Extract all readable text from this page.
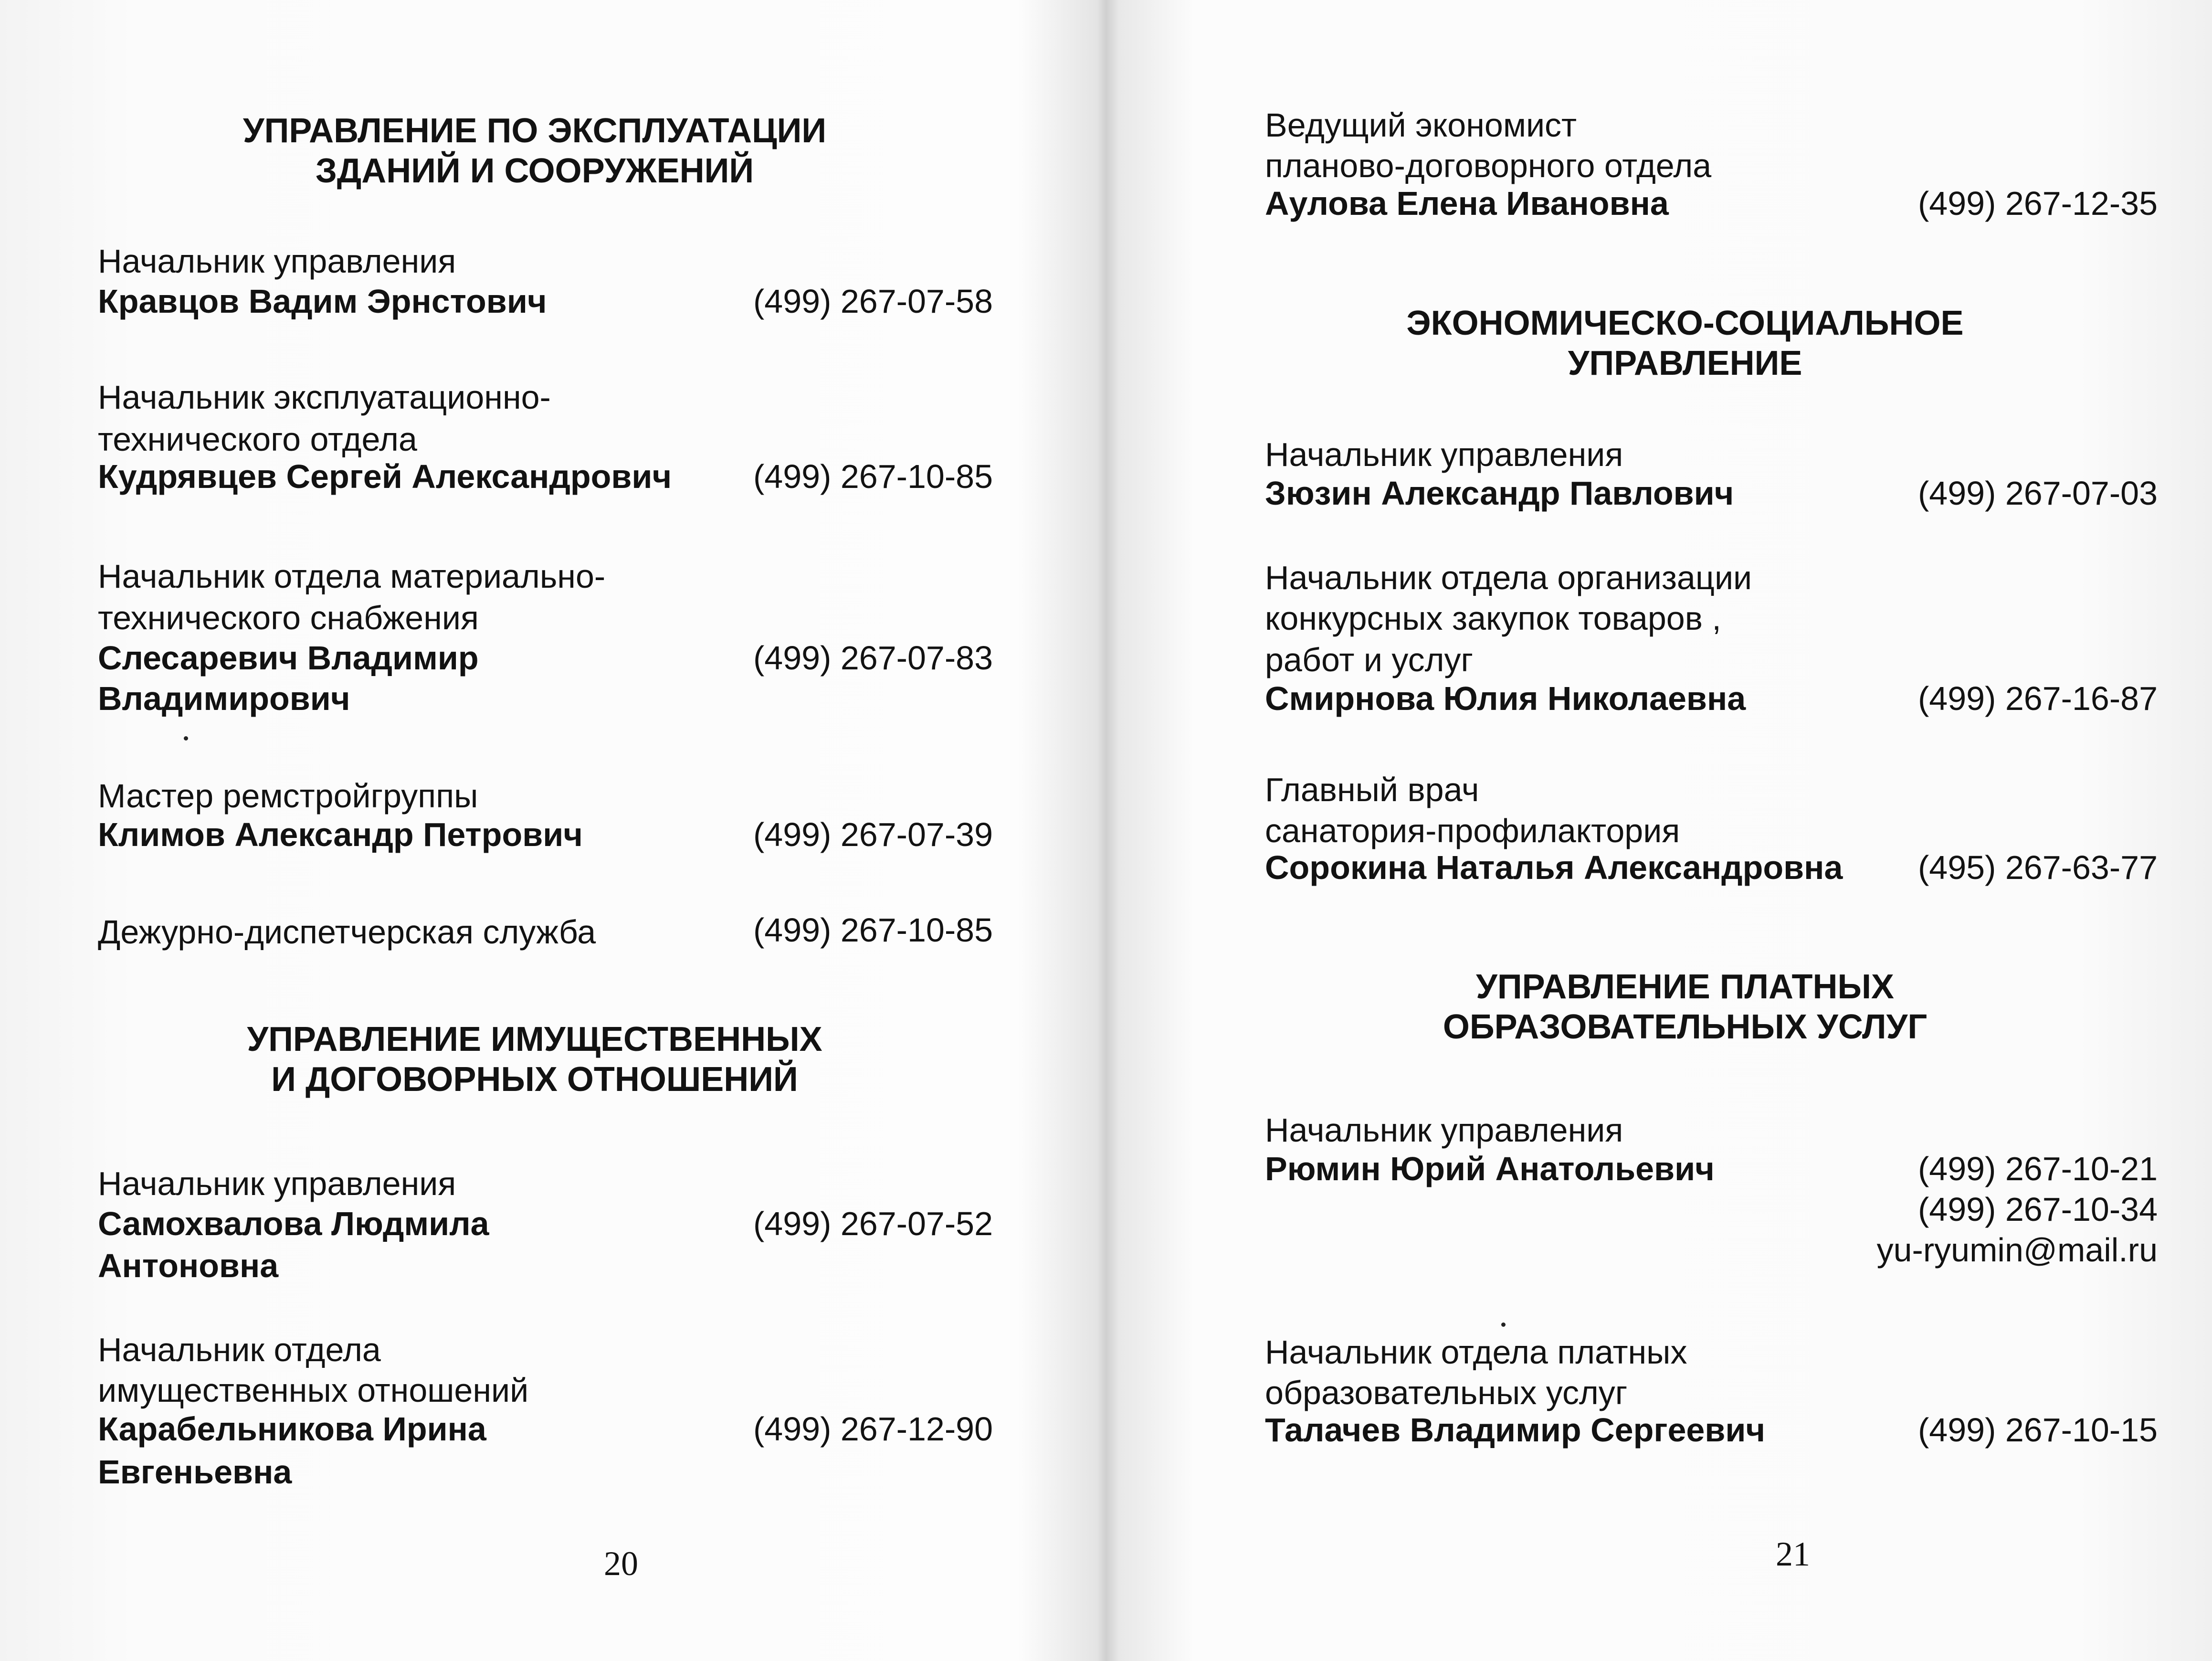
УПРАВЛЕНИЕ ПО ЭКСПЛУАТАЦИИ
ЗДАНИЙ И СООРУЖЕНИЙ
Начальник управления
Кравцов Вадим Эрнстович	(499) 267-07-58
Начальник эксплуатационно-
технического отдела
Кудрявцев Сергей Александрович (499) 267-10-85
Начальник отдела материально-
технического снабжения
Слесаревич Владимир	(499) 267-07-83
Владимирович
Мастер ремстройгруппы
Климов Александр Петрович	(499) 267-07-39
Дежурно-диспетчерская служба	(499) 267-10-85
УПРАВЛЕНИЕ ИМУЩЕСТВЕННЫХ
И ДОГОВОРНЫХ ОТНОШЕНИЙ
Начальник управления
Самохвалова Людмила	(499) 267-07-52
Антоновна
Начальник отдела
имущественных отношений
Карабельникова Ирина	(499) 267-12-90
Евгеньевна
20
Ведущий экономист
планово-договорного отдела
Аулова Елена Ивановна	(499) 267-12-35
ЭКОНОМИЧЕСКО-СОЦИАЛЬНОЕ
УПРАВЛЕНИЕ
Начальник управления
Зюзин Александр Павлович	(499) 267-07-03
Начальник отдела организации
конкурсных закупок товаров ,
работ и услуг
Смирнова Юлия Николаевна	(499) 267-16-87
Главный врач
санатория-профилактория
Сорокина Наталья Александровна (495) 267-63-77
УПРАВЛЕНИЕ ПЛАТНЫХ
ОБРАЗОВАТЕЛЬНЫХ УСЛУГ
Начальник управления
Рюмин Юрий Анатольевич	(499) 267-10-21
(499) 267-10-34
yu-ryumin@mail.ru
Начальник отдела платных
образовательных услуг
Талачев Владимир Сергеевич	(499) 267-10-15
21
